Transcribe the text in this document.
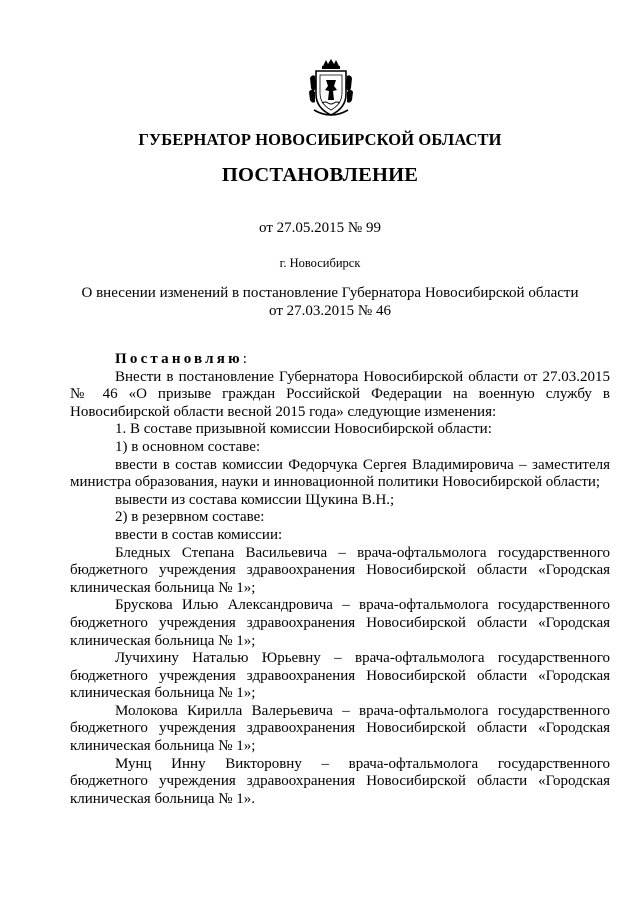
ГУБЕРНАТОР НОВОСИБИРСКОЙ ОБЛАСТИ
ПОСТАНОВЛЕНИЕ
от 27.05.2015 № 99
г. Новосибирск
О внесении изменений в постановление Губернатора Новосибирской области
от 27.03.2015 № 46

Постановляю:

Внести в постановление Губернатора Новосибирской области от 27.03.2015 № 46 «О призыве граждан Российской Федерации на военную службу в Новосибирской области весной 2015 года» следующие изменения:

1. В составе призывной комиссии Новосибирской области:

1) в основном составе:

ввести в состав комиссии Федорчука Сергея Владимировича – заместителя министра образования, науки и инновационной политики Новосибирской области;

вывести из состава комиссии Щукина В.Н.;

2) в резервном составе:

ввести в состав комиссии:

Бледных Степана Васильевича – врача-офтальмолога государственного бюджетного учреждения здравоохранения Новосибирской области «Городская клиническая больница № 1»;

Брускова Илью Александровича – врача-офтальмолога государственного бюджетного учреждения здравоохранения Новосибирской области «Городская клиническая больница № 1»;

Лучихину Наталью Юрьевну – врача-офтальмолога государственного бюджетного учреждения здравоохранения Новосибирской области «Городская клиническая больница № 1»;

Молокова Кирилла Валерьевича – врача-офтальмолога государственного бюджетного учреждения здравоохранения Новосибирской области «Городская клиническая больница № 1»;

Мунц Инну Викторовну – врача-офтальмолога государственного бюджетного учреждения здравоохранения Новосибирской области «Городская клиническая больница № 1».
